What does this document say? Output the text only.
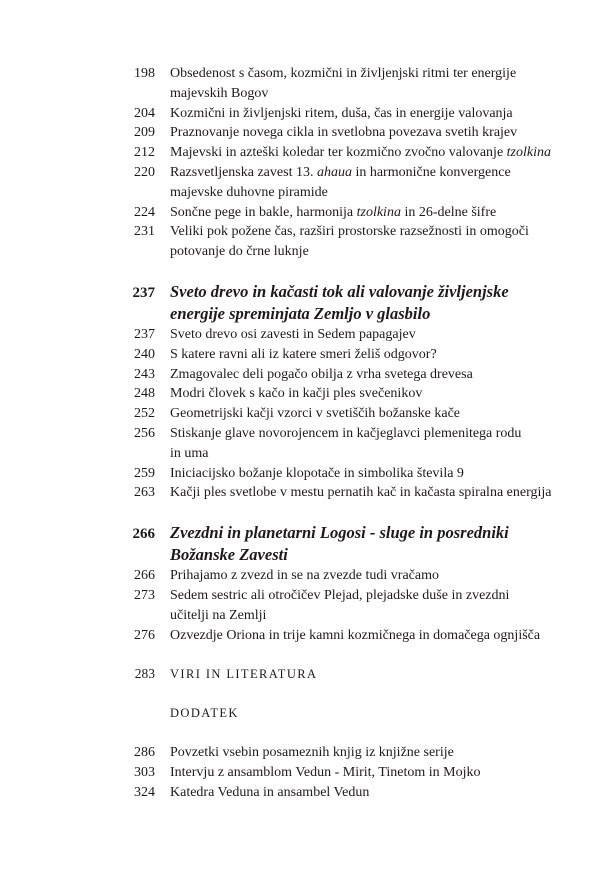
198 Obsedenost s časom, kozmični in življenjski ritmi ter energije
majevskih Bogov
204 Kozmični in življenjski ritem, duša, čas in energije valovanja
209 Praznovanje novega cikla in svetlobna povezava svetih krajev
212 Majevski in azteški koledar ter kozmično zvočno valovanje tzolkina
220 Razsvetljenska zavest 13. ahaua in harmonične konvergence
majevske duhovne piramide
224 Sončne pege in bakle, harmonija tzolkina in 26-delne šifre
231 Veliki pok požene čas, razširi prostorske razsežnosti in omogoči
potovanje do črne luknje
237 Sveto drevo in kačasti tok ali valovanje življenjske
energije spreminjata Zemljo v glasbilo
237 Sveto drevo osi zavesti in Sedem papagajev
240 S katere ravni ali iz katere smeri želiš odgovor?
243 Zmagovalec deli pogačo obilja z vrha svetega drevesa
248 Modri človek s kačo in kačji ples svečenikov
252 Geometrijski kačji vzorci v svetiščih božanske kače
256 Stiskanje glave novorojencem in kačjeglavci plemenitega rodu
in uma
259 Iniciacijsko božanje klopotače in simbolika števila 9
263 Kačji ples svetlobe v mestu pernatih kač in kačasta spiralna energija
266 Zvezdni in planetarni Logosi - sluge in posredniki
Božanske Zavesti
266 Prihajamo z zvezd in se na zvezde tudi vračamo
273 Sedem sestric ali otročičev Plejad, plejadske duše in zvezdni
učitelji na Zemlji
276 Ozvezdje Oriona in trije kamni kozmičnega in domačega ognjišča
283 VIRI IN LITERATURA
DODATEK
286 Povzetki vsebin posameznih knjig iz knjižne serije
303 Intervju z ansamblom Vedun - Mirit, Tinetom in Mojko
324 Katedra Veduna in ansambel Vedun
